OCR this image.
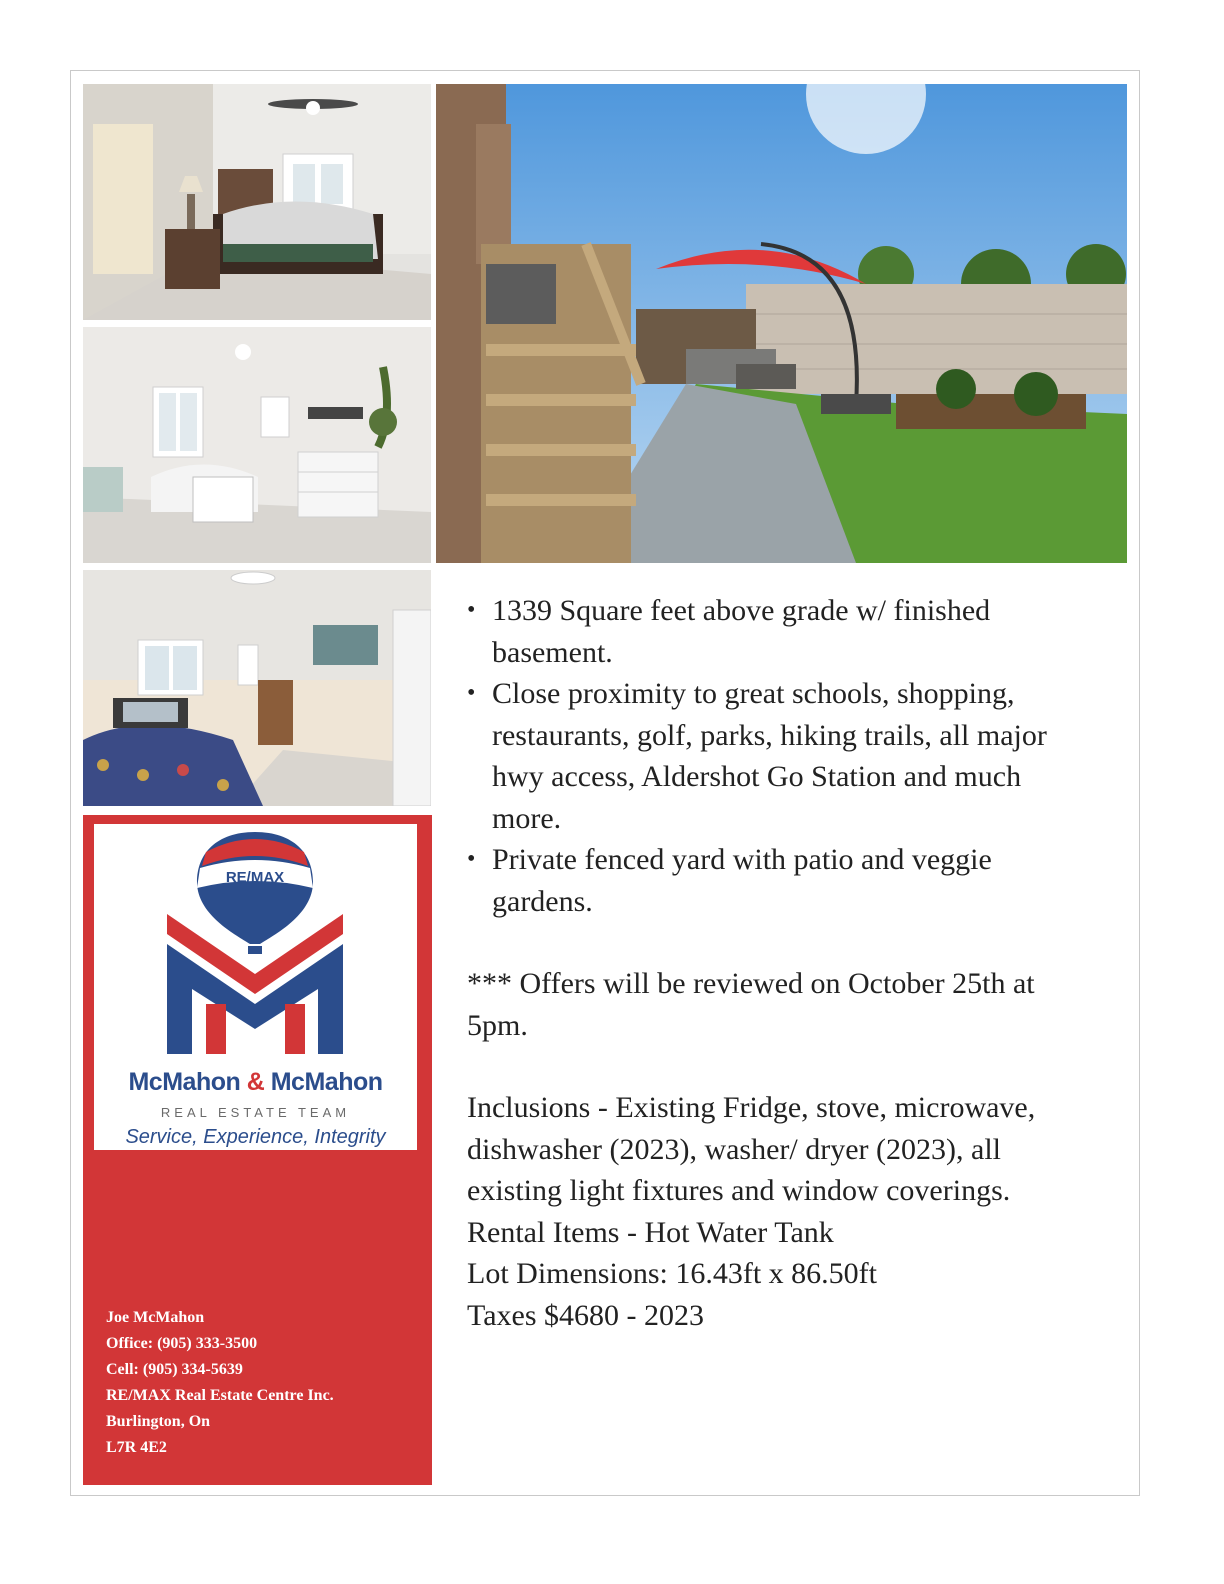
RE/MAX
McMahon & McMahon
REAL ESTATE TEAM
Service, Experience, Integrity
Joe McMahon
Office: (905) 333-3500
Cell: (905) 334-5639
RE/MAX Real Estate Centre Inc.
Burlington, On
L7R 4E2
• 1339 Square feet above grade w/ finished basement.
• Close proximity to great schools, shopping, restaurants, golf, parks, hiking trails, all major hwy access, Aldershot Go Station and much more.
• Private fenced yard with patio and veggie gardens.
*** Offers will be reviewed on October 25th at 5pm.
Inclusions - Existing Fridge, stove, microwave, dishwasher (2023), washer/ dryer (2023), all existing light fixtures and window coverings.
Rental Items - Hot Water Tank
Lot Dimensions: 16.43ft x 86.50ft
Taxes $4680 - 2023
